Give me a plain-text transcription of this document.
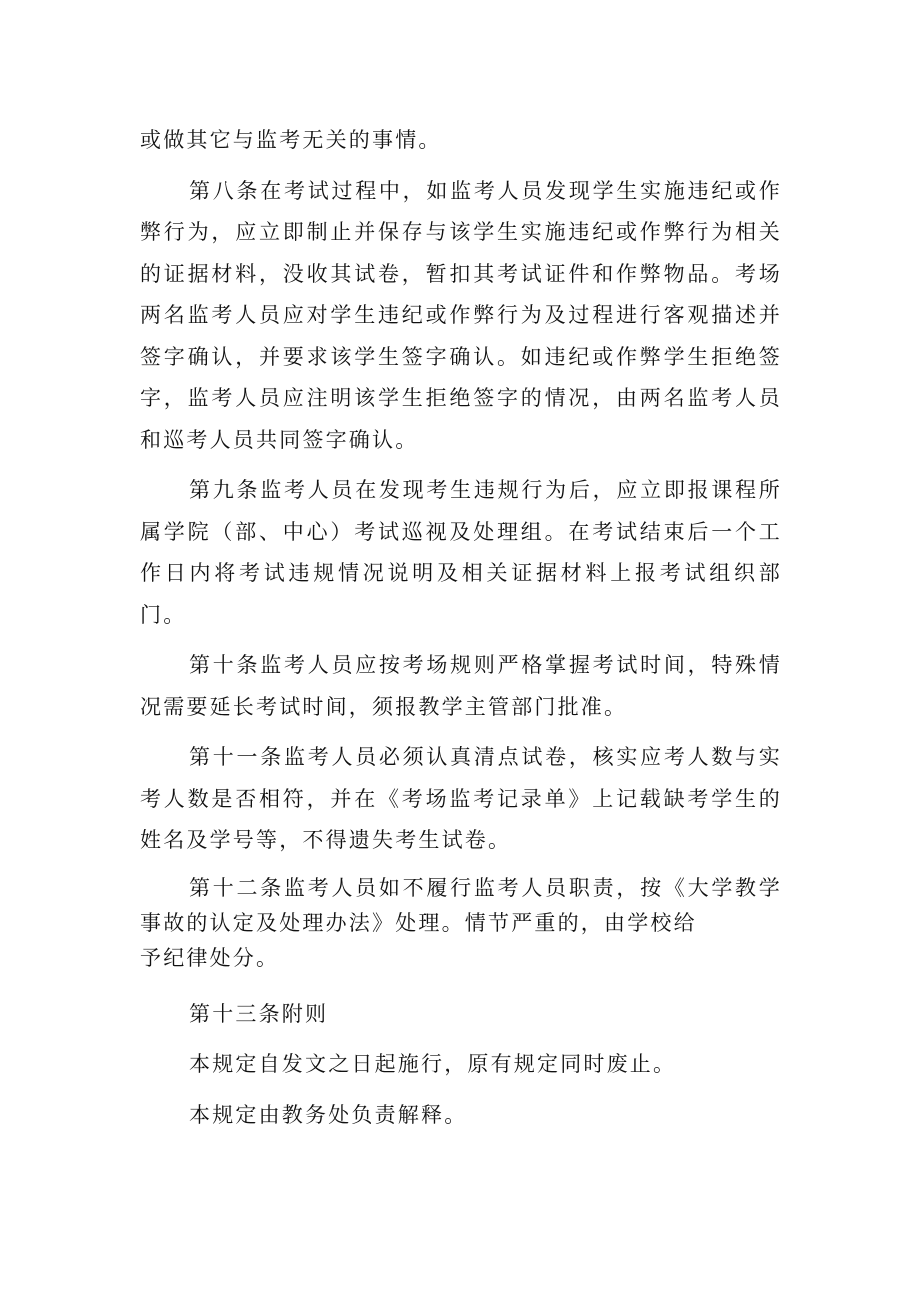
或做其它与监考无关的事情。

第八条在考试过程中，如监考人员发现学生实施违纪或作弊行为，应立即制止并保存与该学生实施违纪或作弊行为相关的证据材料，没收其试卷，暂扣其考试证件和作弊物品。考场两名监考人员应对学生违纪或作弊行为及过程进行客观描述并签字确认，并要求该学生签字确认。如违纪或作弊学生拒绝签字，监考人员应注明该学生拒绝签字的情况，由两名监考人员和巡考人员共同签字确认。

第九条监考人员在发现考生违规行为后，应立即报课程所属学院（部、中心）考试巡视及处理组。在考试结束后一个工作日内将考试违规情况说明及相关证据材料上报考试组织部门。

第十条监考人员应按考场规则严格掌握考试时间，特殊情况需要延长考试时间，须报教学主管部门批准。

第十一条监考人员必须认真清点试卷，核实应考人数与实考人数是否相符，并在《考场监考记录单》上记载缺考学生的姓名及学号等，不得遗失考生试卷。

第十二条监考人员如不履行监考人员职责，按《大学教学事故的认定及处理办法》处理。情节严重的，由学校给
予纪律处分。

第十三条附则

本规定自发文之日起施行，原有规定同时废止。

本规定由教务处负责解释。
